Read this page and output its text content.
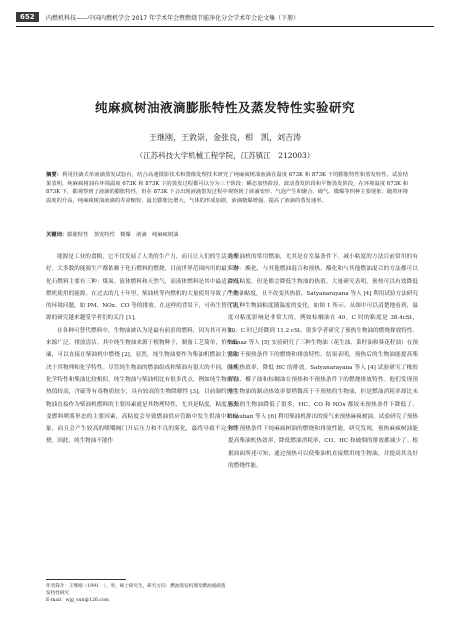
652	内燃机科技——中国内燃机学会 2017 年学术年会暨燃烧节能净化分会学术年会论文集（下册）
纯麻疯树油液滴膨胀特性及蒸发特性实验研究
王继刚，王敦崇，金张良，相　凯，刘吉涛
（江苏科技大学机械工程学院，江苏镇江　212003）
摘要：利用挂滴式单液滴蒸发试验台，结合高速摄影技术和图像处理技术研究了纯麻疯树油液滴在温度 673K 和 873K 下的膨胀特性和蒸发特性。试验结果表明，纯麻疯树油在环境温度 673K 和 873K 下的蒸发过程都可以分为三个阶段：瞬态加热阶段、波动蒸发阶段和平衡蒸发阶段，在环境温度 673K 和 873K 下，都观察到了液滴的膨胀特性，但在 873K 下会出现液滴裂发过程中观察到了液滴变形、气泡产生和聚合、破气、微爆等四种主要现象；随着环境温度的升高，纯麻疯树油液滴的寿命缩短，最长膨胀比增大，气体的形成加剧，液滴微爆增强，提高了液滴的蒸发速率。
关键词：膨胀特性　蒸发特性　微爆　液滴　纯麻疯树油

能源是工业的食粮，它不仅发展了人类的生产力，而且让人们的生活更美好。大多数的能源生产都依赖于化石燃料的燃烧，目前世界范围内用的最多的化石燃料主要有三种：煤炭、液体燃料和天然气，而液体燃料是其中最适合内燃机使用的能源。在过去的几十年里，柴油机等内燃机的大量使用导致了严重的环境问题，如 PM、NOx、CO 等的排放。在这样的背景下，可再生替代能源的研究越来越受学者们的关注 [1]。

在各种可替代燃料中，生物油被认为是最有前景的燃料，因为其可再生、来源广泛、排放清洁。其中纯生物油来源于植物种子，制备工艺简单，价格低廉，可以直接在柴油机中燃烧 [2]。显然，纯生物油要作为柴油机燃油主要取决于其物理和化学特性。尽管纯生物油的燃油组成和柴油有很大的不同，但其化学特性和柴油比较相似，纯生物油与柴油相比有很多优点，例如纯生物油的热值较高，含硫等有毒物质较少，具有较高的生物降解性 [3]。目前制约纯生物油直接作为柴油机燃料的主要因素就是其物理特性，尤其是粘度，粘度是改变燃料喷雾形态的主要因素，高粘度会导致燃油供应管路中发生供油中断现象，而且会产生较高的喷嘴阀门开启压力和不良的雾化，最终导致不完全燃烧。因此，纯生物油不能作

为柴油机的常用燃油，尤其是在室温条件下。减小粘度的方法目前常用的有三种：酯化，与其他燃油混合和预热。酯化和与其他燃油混合的方法都可以降低粘度，但是都会降低生物油的热值。大量研究表明，预热可以有效降低生物油粘度，且不改变其热值。Satyanarayana 等人 [4] 利用试验方法研究了几种生物油粘度随温度的变化，如图 1 所示。从图中可以清楚地看到，温度对粘度影响是非常大的，例如棕榈油在 40。C 时的粘度是 38.4cSt，80。C 时已经降到 11.2 cSt。很多学者研究了预热生物油的燃烧排放特性。Yilmaz 等人 [5] 实验研究了三种生物油（花生油、菜籽油和葵花籽油）在预热和不预热条件下的燃烧和排放特性。结果表明，预热后的生物油能提高柴油机热效率，降低 HC 的排放。Satyanarayana 等人 [4] 试验研究了橡胶籽油、椰子油和棕榈油在预热和不预热条件下的燃烧排放特性。他们发现预热生物油的制动热效率要稍微高于不预热的生物油，但是燃油消耗率却比未预热的生物油降低了很多，HC、CO 和 NOx 都较未预热条件下降低了。Chauhan 等人 [6] 利用柴油机排出的废气来预热麻疯树油，试验研究了预热和不预热条件下纯麻疯树油的燃烧和排放性能。研究发现，预热麻疯树油能提高柴油机热效率，降低燃油消耗率，CO、HC 和破烟的排放都减少了。根据面面所述可知，通过预热可以使柴油机直接燃用纯生物油，并提高其良好的燃烧性能。

作者简介：王继刚（1991　），男，硕士研究生，研究方向：燃油蒸发机理及燃油液滴蒸发特性研究
E-mail：wjg_sun@126.com
